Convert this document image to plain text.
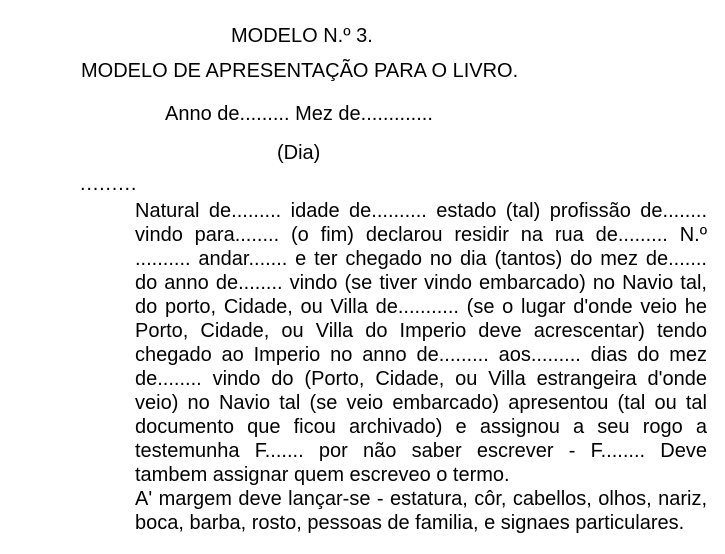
MODELO N.º 3.
MODELO DE APRESENTAÇÃO PARA O LIVRO.
Anno de......... Mez de.............
(Dia)
.........
Natural de......... idade de.......... estado (tal) profissão de........
vindo para........ (o fim) declarou residir na rua de......... N.º
.......... andar....... e ter chegado no dia (tantos) do mez de.......
do anno de........ vindo (se tiver vindo embarcado) no Navio tal,
do porto, Cidade, ou Villa de........... (se o lugar d'onde veio he
Porto, Cidade, ou Villa do Imperio deve acrescentar) tendo
chegado ao Imperio no anno de......... aos......... dias do mez
de........ vindo do (Porto, Cidade, ou Villa estrangeira d'onde
veio) no Navio tal (se veio embarcado) apresentou (tal ou tal
documento que ficou archivado) e assignou a seu rogo a
testemunha F....... por não saber escrever - F........ Deve
tambem assignar quem escreveo o termo.
A' margem deve lançar-se - estatura, côr, cabellos, olhos, nariz,
boca, barba, rosto, pessoas de familia, e signaes particulares.
